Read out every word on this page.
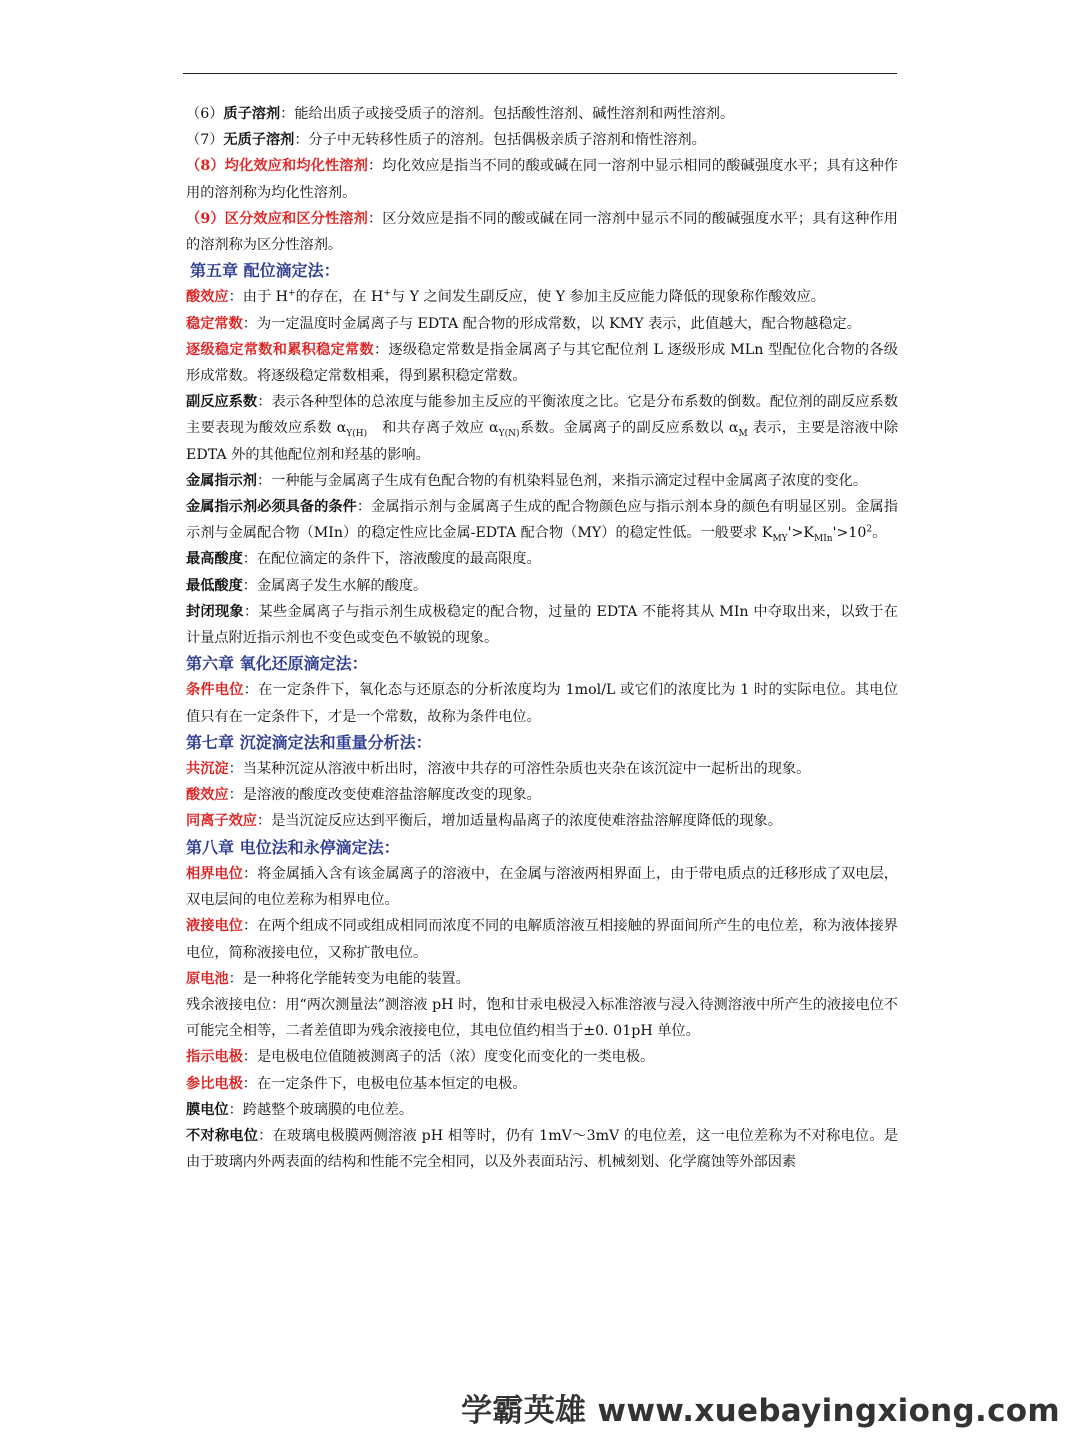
（6）质子溶剂：能给出质子或接受质子的溶剂。包括酸性溶剂、碱性溶剂和两性溶剂。

（7）无质子溶剂：分子中无转移性质子的溶剂。包括偶极亲质子溶剂和惰性溶剂。

（8）均化效应和均化性溶剂：均化效应是指当不同的酸或碱在同一溶剂中显示相同的酸碱强度水平；具有这种作用的溶剂称为均化性溶剂。

（9）区分效应和区分性溶剂：区分效应是指不同的酸或碱在同一溶剂中显示不同的酸碱强度水平；具有这种作用的溶剂称为区分性溶剂。

第五章 配位滴定法：

酸效应：由于 H+的存在，在 H+与 Y 之间发生副反应，使 Y 参加主反应能力降低的现象称作酸效应。

稳定常数：为一定温度时金属离子与 EDTA 配合物的形成常数，以 KMY 表示，此值越大，配合物越稳定。

逐级稳定常数和累积稳定常数：逐级稳定常数是指金属离子与其它配位剂 L 逐级形成 MLn 型配位化合物的各级形成常数。将逐级稳定常数相乘，得到累积稳定常数。

副反应系数：表示各种型体的总浓度与能参加主反应的平衡浓度之比。它是分布系数的倒数。配位剂的副反应系数主要表现为酸效应系数 $\alpha_{Y(H)}$　和共存离子效应 $\alpha_{Y(N)}$系数。金属离子的副反应系数以 $\alpha_M$ 表示，主要是溶液中除 EDTA 外的其他配位剂和羟基的影响。

金属指示剂：一种能与金属离子生成有色配合物的有机染料显色剂，来指示滴定过程中金属离子浓度的变化。

金属指示剂必须具备的条件：金属指示剂与金属离子生成的配合物颜色应与指示剂本身的颜色有明显区别。金属指示剂与金属配合物（MIn）的稳定性应比金属-EDTA 配合物（MY）的稳定性低。一般要求 $K_{MY}'>K_{MIn}'>10^2$。

最高酸度：在配位滴定的条件下，溶液酸度的最高限度。

最低酸度：金属离子发生水解的酸度。

封闭现象：某些金属离子与指示剂生成极稳定的配合物，过量的 EDTA 不能将其从 MIn 中夺取出来，以致于在计量点附近指示剂也不变色或变色不敏锐的现象。

第六章 氧化还原滴定法：

条件电位：在一定条件下，氧化态与还原态的分析浓度均为 1mol/L 或它们的浓度比为 1 时的实际电位。其电位值只有在一定条件下，才是一个常数，故称为条件电位。

第七章 沉淀滴定法和重量分析法：

共沉淀：当某种沉淀从溶液中析出时，溶液中共存的可溶性杂质也夹杂在该沉淀中一起析出的现象。

酸效应：是溶液的酸度改变使难溶盐溶解度改变的现象。

同离子效应：是当沉淀反应达到平衡后，增加适量构晶离子的浓度使难溶盐溶解度降低的现象。

第八章 电位法和永停滴定法：

相界电位：将金属插入含有该金属离子的溶液中，在金属与溶液两相界面上，由于带电质点的迁移形成了双电层，双电层间的电位差称为相界电位。

液接电位：在两个组成不同或组成相同而浓度不同的电解质溶液互相接触的界面间所产生的电位差，称为液体接界电位，简称液接电位，又称扩散电位。

原电池：是一种将化学能转变为电能的装置。

残余液接电位：用“两次测量法”测溶液 pH 时，饱和甘汞电极浸入标准溶液与浸入待测溶液中所产生的液接电位不可能完全相等，二者差值即为残余液接电位，其电位值约相当于±0. 01pH 单位。

指示电极：是电极电位值随被测离子的活（浓）度变化而变化的一类电极。

参比电极：在一定条件下，电极电位基本恒定的电极。

膜电位：跨越整个玻璃膜的电位差。

不对称电位：在玻璃电极膜两侧溶液 pH 相等时，仍有 1mV～3mV 的电位差，这一电位差称为不对称电位。是由于玻璃内外两表面的结构和性能不完全相同，以及外表面玷污、机械刻划、化学腐蚀等外部因素

学霸英雄 www.xuebayingxiong.com
